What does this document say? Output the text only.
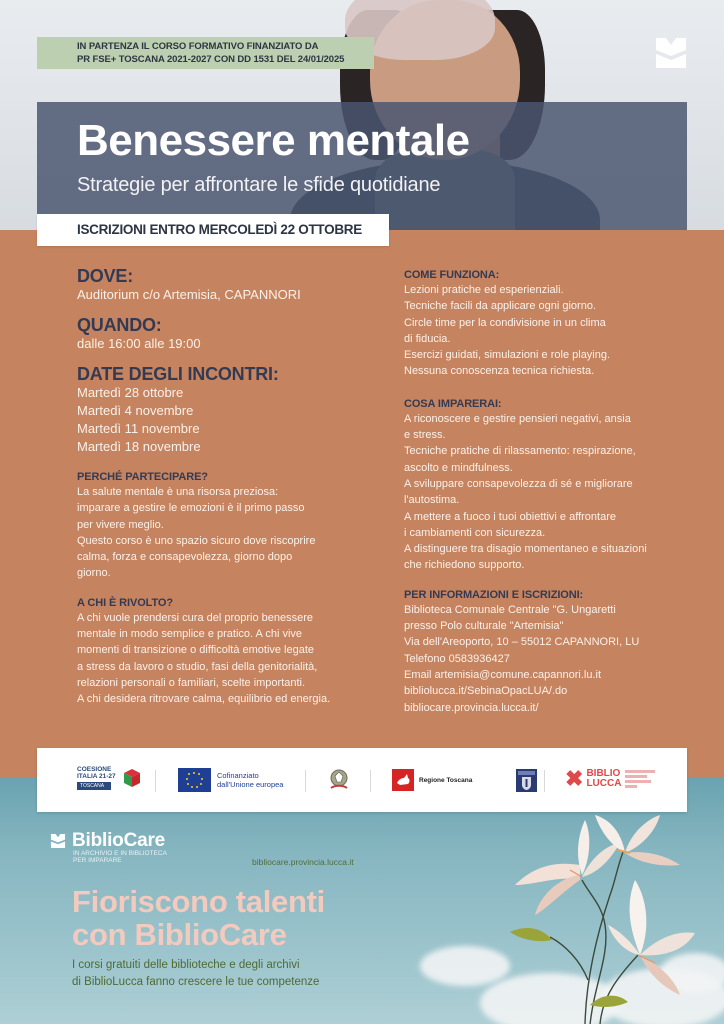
IN PARTENZA IL CORSO FORMATIVO FINANZIATO DA
PR FSE+ TOSCANA 2021-2027 CON DD 1531 DEL 24/01/2025
Benessere mentale
Strategie per affrontare le sfide quotidiane
ISCRIZIONI ENTRO MERCOLEDÌ 22 OTTOBRE
DOVE:
Auditorium c/o Artemisia, CAPANNORI
QUANDO:
dalle 16:00 alle 19:00
DATE DEGLI INCONTRI:
Martedì 28 ottobre
Martedì 4 novembre
Martedì 11 novembre
Martedì 18 novembre
PERCHÉ PARTECIPARE?
La salute mentale è una risorsa preziosa:
imparare a gestire le emozioni è il primo passo
per vivere meglio.
Questo corso è uno spazio sicuro dove riscoprire
calma, forza e consapevolezza, giorno dopo
giorno.
A CHI È RIVOLTO?
A chi vuole prendersi cura del proprio benessere
mentale in modo semplice e pratico. A chi vive
momenti di transizione o difficoltà emotive legate
a stress da lavoro o studio, fasi della genitorialità,
relazioni personali o familiari, scelte importanti.
A chi desidera ritrovare calma, equilibrio ed energia.
COME FUNZIONA:
Lezioni pratiche ed esperienziali.
Tecniche facili da applicare ogni giorno.
Circle time per la condivisione in un clima
di fiducia.
Esercizi guidati, simulazioni e role playing.
Nessuna conoscenza tecnica richiesta.
COSA IMPARERAI:
A riconoscere e gestire pensieri negativi, ansia
e stress.
Tecniche pratiche di rilassamento: respirazione,
ascolto e mindfulness.
A sviluppare consapevolezza di sé e migliorare
l'autostima.
A mettere a fuoco i tuoi obiettivi e affrontare
i cambiamenti con sicurezza.
A distinguere tra disagio momentaneo e situazioni
che richiedono supporto.
PER INFORMAZIONI E ISCRIZIONI:
Biblioteca Comunale Centrale "G. Ungaretti
presso Polo culturale "Artemisia"
Via dell'Areoporto, 10 – 55012 CAPANNORI, LU
Telefono 0583936427
Email artemisia@comune.capannori.lu.it
bibliolucca.it/SebinaOpacLUA/.do
bibliocare.provincia.lucca.it/
BiblioCare
IN ARCHIVIO E IN BIBLIOTECA
PER IMPARARE	bibliocare.provincia.lucca.it
Fioriscono talenti
con BiblioCare
I corsi gratuiti delle biblioteche e degli archivi
di BiblioLucca fanno crescere le tue competenze
COESIONE
ITALIA 21-27
TOSCANA
Cofinanziato
dall'Unione europea	Regione Toscana	✖ BIBLIO
LUCCA
